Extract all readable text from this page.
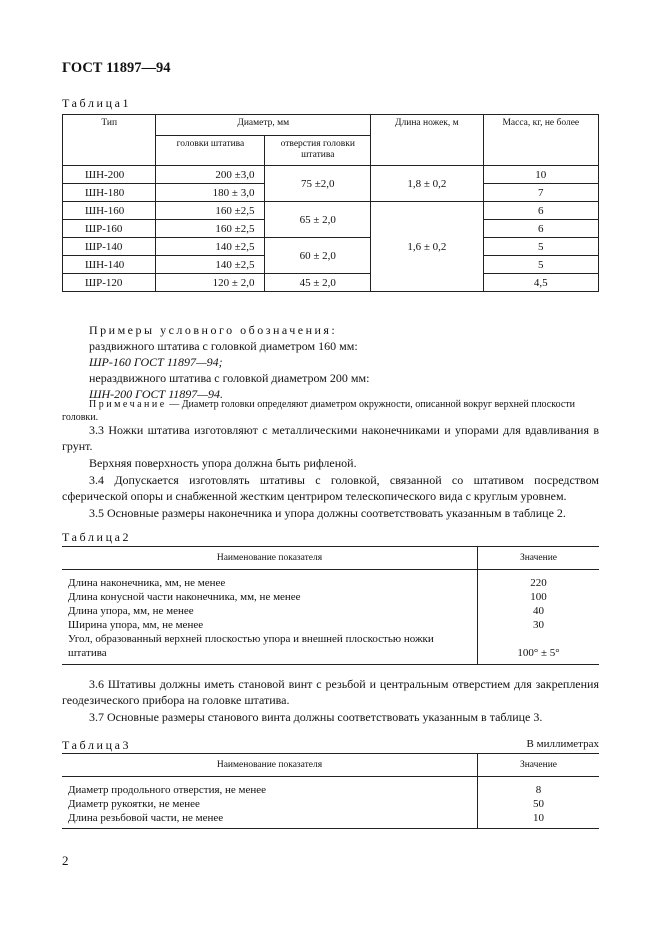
ГОСТ 11897—94
Таблица1
Тип	Диаметр, мм		Длина ножек, м	Масса, кг, не более
	головки штатива	отверстия головки штатива		
ШН-200	200 ±3,0	75 ±2,0	1,8 ± 0,2	10
ШН-180	180 ± 3,0			7
ШН-160	160 ±2,5	65 ± 2,0	1,6 ± 0,2	6
ШР-160	160 ±2,5			6
ШР-140	140 ±2,5	60 ± 2,0		5
ШН-140	140 ±2,5			5
ШР-120	120 ± 2,0	45 ± 2,0		4,5
Примеры условного обозначения:
раздвижного штатива с головкой диаметром 160 мм:
ШР-160 ГОСТ 11897—94;
нераздвижного штатива с головкой диаметром 200 мм:
ШН-200 ГОСТ 11897—94.
Примечание — Диаметр головки определяют диаметром окружности, описанной вокруг верхней плоскости головки.
3.3 Ножки штатива изготовляют с металлическими наконечниками и упорами для вдавливания в грунт.
Верхняя поверхность упора должна быть рифленой.
3.4 Допускается изготовлять штативы с головкой, связанной со штативом посредством сферической опоры и снабженной жестким центриром телескопического вида с круглым уровнем.
3.5 Основные размеры наконечника и упора должны соответствовать указанным в таблице 2.
Таблица2
Наименование показателя	Значение
Длина наконечника, мм, не менее	220
Длина конусной части наконечника, мм, не менее	100
Длина упора, мм, не менее	40
Ширина упора, мм, не менее	30
Угол, образованный верхней плоскостью упора и внешней плоскостью ножки штатива	100° ± 5°
3.6 Штативы должны иметь становой винт с резьбой и центральным отверстием для закрепления геодезического прибора на головке штатива.
3.7 Основные размеры станового винта должны соответствовать указанным в таблице 3.
Таблица3	В миллиметрах
Наименование показателя	Значение
Диаметр продольного отверстия, не менее	8
Диаметр рукоятки, не менее	50
Длина резьбовой части, не менее	10
2
